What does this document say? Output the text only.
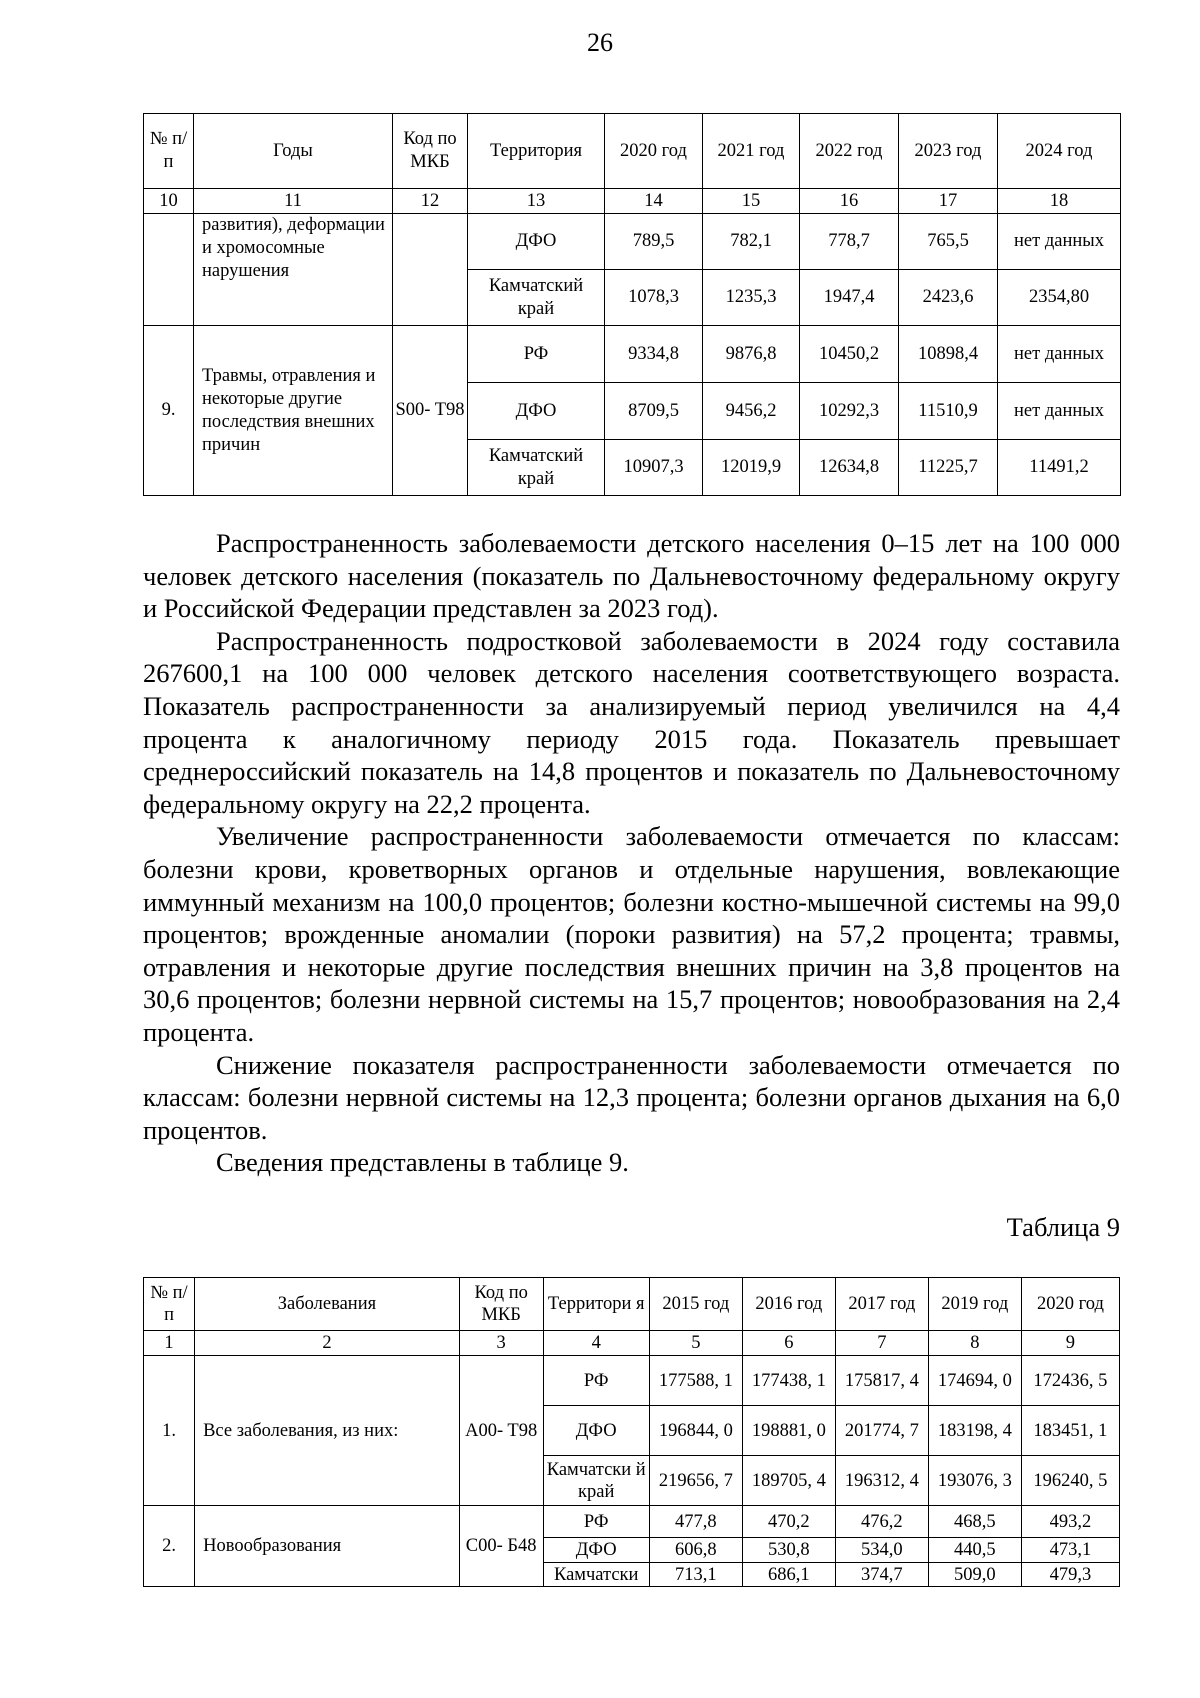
26
№ п/п	Годы	Код по МКБ	Территория	2020 год	2021 год	2022 год	2023 год	2024 год
10	11	12	13	14	15	16	17	18
	развития), деформации и хромосомные нарушения		ДФО	789,5	782,1	778,7	765,5	нет данных
			Камчатский край	1078,3	1235,3	1947,4	2423,6	2354,80
9.	Травмы, отравления и некоторые другие последствия внешних причин	S00- T98	РФ	9334,8	9876,8	10450,2	10898,4	нет данных
			ДФО	8709,5	9456,2	10292,3	11510,9	нет данных
			Камчатский край	10907,3	12019,9	12634,8	11225,7	11491,2

Распространенность заболеваемости детского населения 0–15 лет на 100 000 человек детского населения (показатель по Дальневосточному федеральному округу и Российской Федерации представлен за 2023 год).

Распространенность подростковой заболеваемости в 2024 году составила 267600,1 на 100 000 человек детского населения соответствующего возраста. Показатель распространенности за анализируемый период увеличился на 4,4 процента к аналогичному периоду 2015 года. Показатель превышает среднероссийский показатель на 14,8 процентов и показатель по Дальневосточному федеральному округу на 22,2 процента.

Увеличение распространенности заболеваемости отмечается по классам: болезни крови, кроветворных органов и отдельные нарушения, вовлекающие иммунный механизм на 100,0 процентов; болезни костно-мышечной системы на 99,0 процентов; врожденные аномалии (пороки развития) на 57,2 процента; травмы, отравления и некоторые другие последствия внешних причин на 3,8 процентов на 30,6 процентов; болезни нервной системы на 15,7 процентов; новообразования на 2,4 процента.

Снижение показателя распространенности заболеваемости отмечается по классам: болезни нервной системы на 12,3 процента; болезни органов дыхания на 6,0 процентов.

Сведения представлены в таблице 9.

Таблица 9
№ п/п	Заболевания	Код по МКБ	Территори я	2015 год	2016 год	2017 год	2019 год	2020 год
1	2	3	4	5	6	7	8	9
1.	Все заболевания, из них:	A00- T98	РФ	177588, 1	177438, 1	175817, 4	174694, 0	172436, 5
			ДФО	196844, 0	198881, 0	201774, 7	183198, 4	183451, 1
			Камчатски й край	219656, 7	189705, 4	196312, 4	193076, 3	196240, 5
2.	Новообразования	C00- Б48	РФ	477,8	470,2	476,2	468,5	493,2
			ДФО	606,8	530,8	534,0	440,5	473,1
			Камчатски	713,1	686,1	374,7	509,0	479,3
